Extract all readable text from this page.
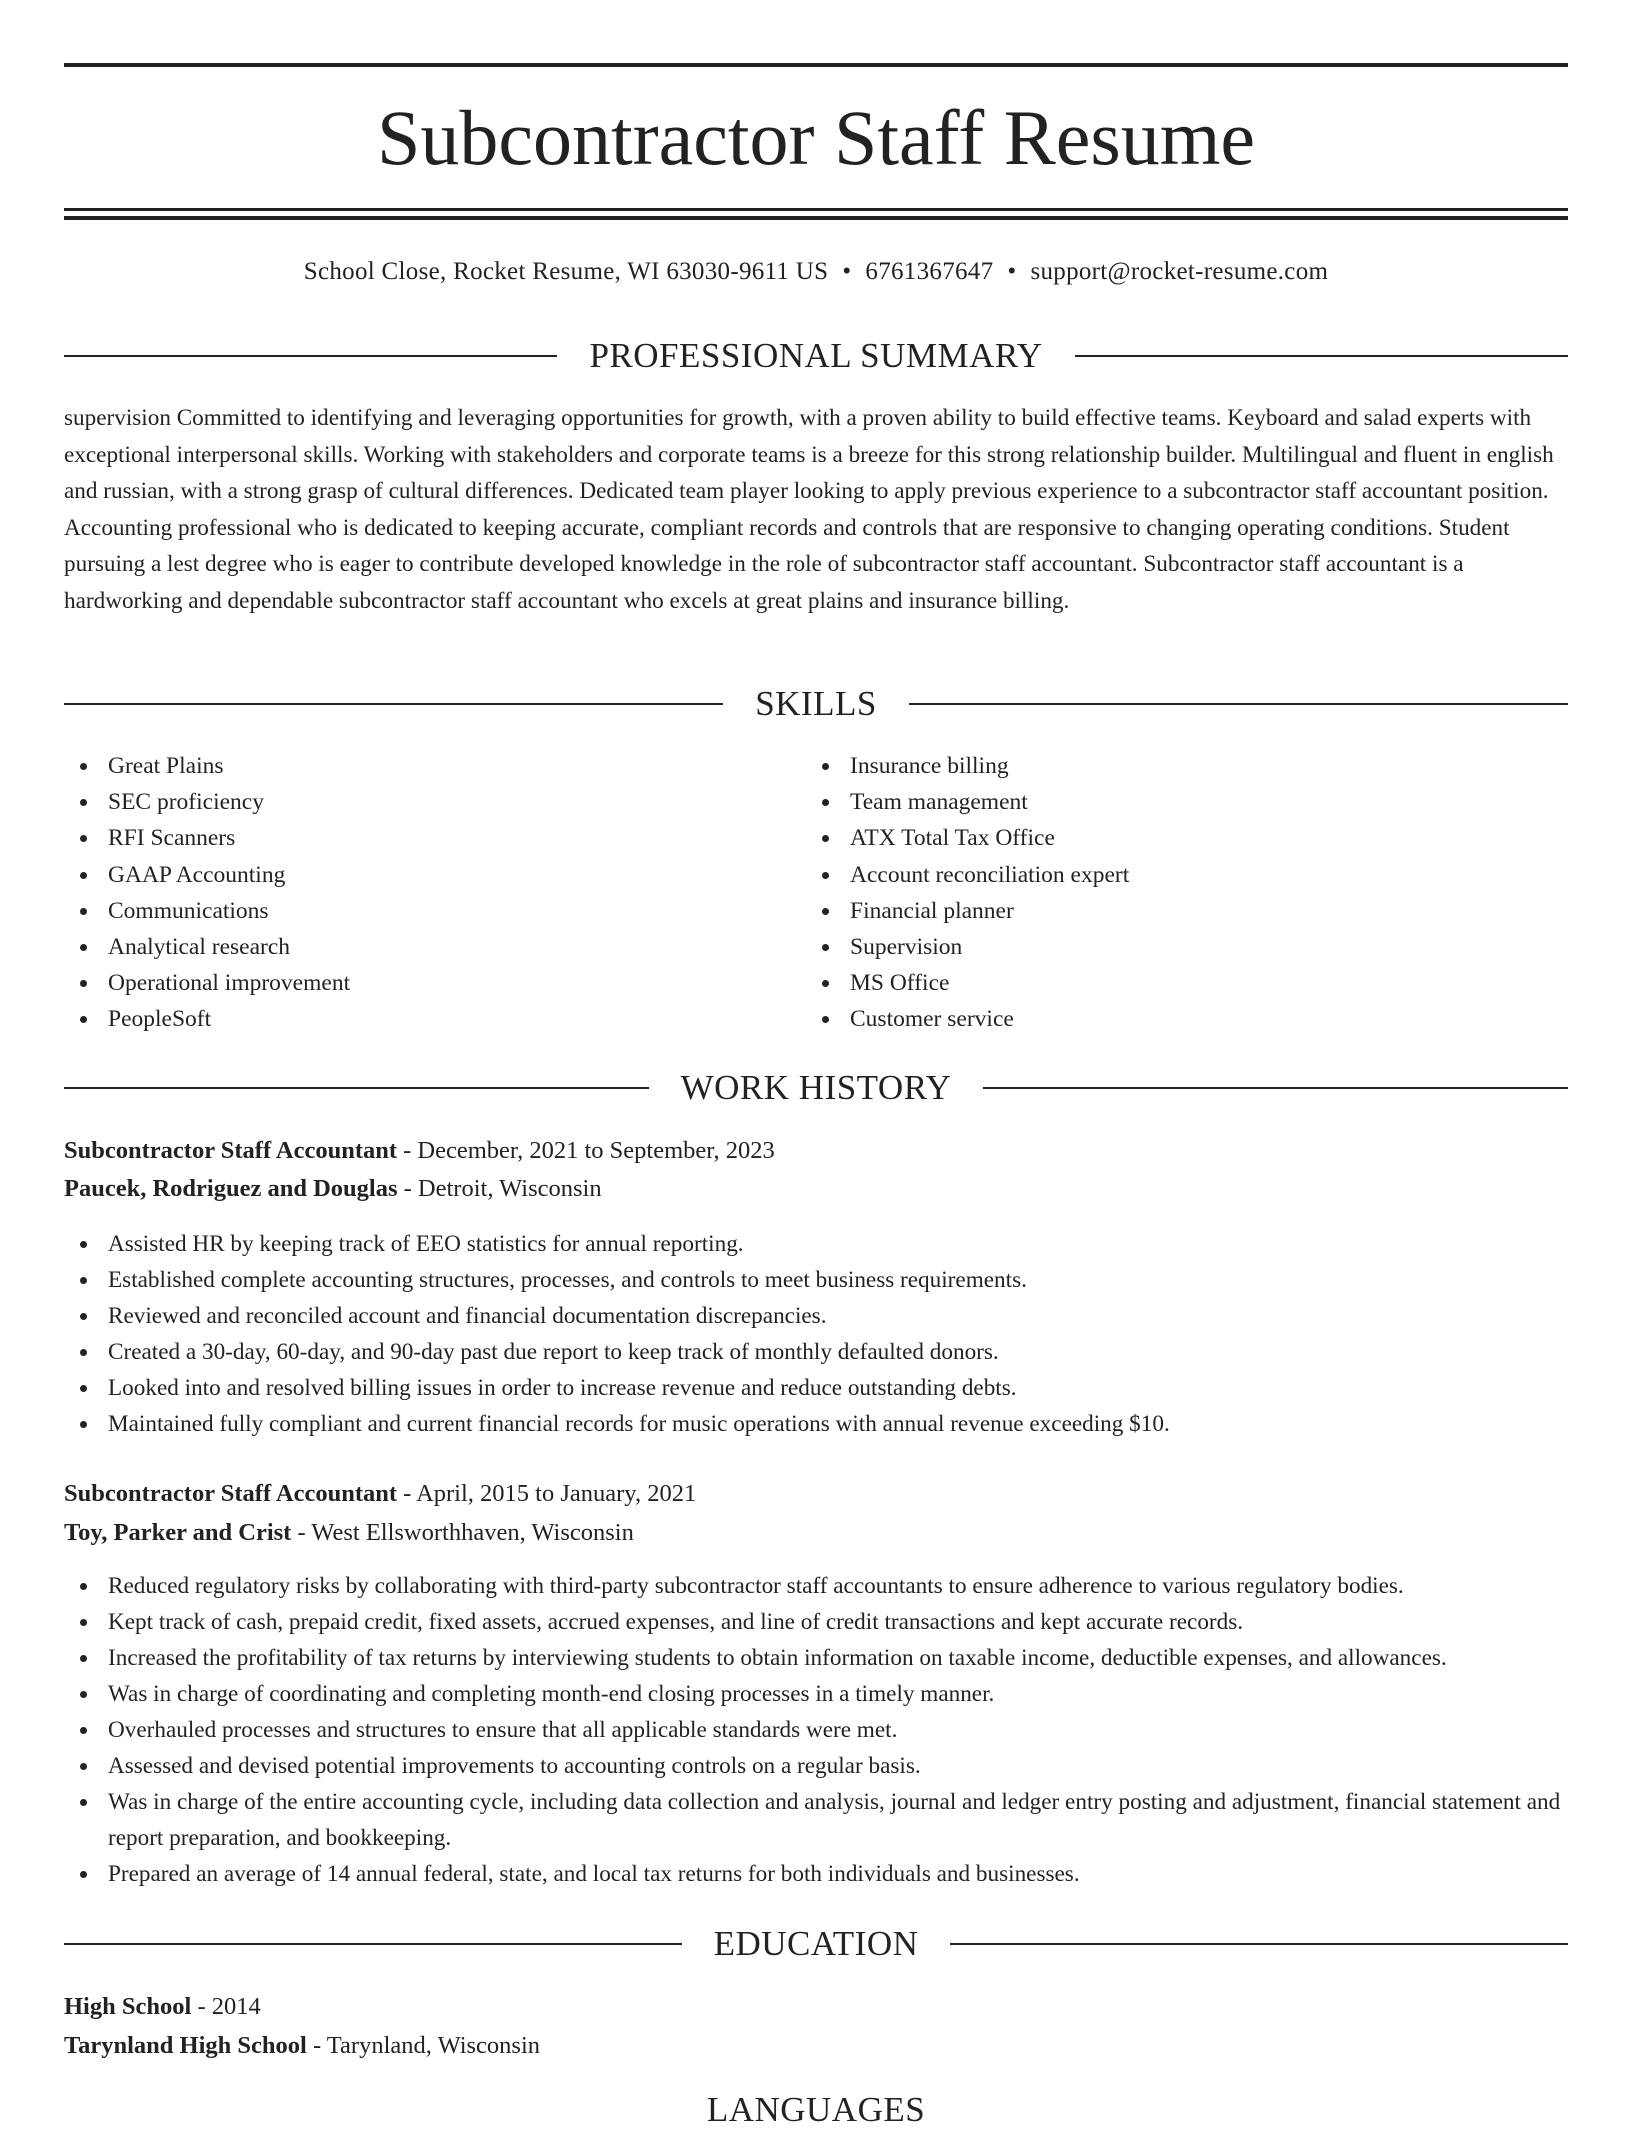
Subcontractor Staff Resume
School Close, Rocket Resume, WI 63030-9611 US • 6761367647 • support@rocket-resume.com
PROFESSIONAL SUMMARY

supervision Committed to identifying and leveraging opportunities for growth, with a proven ability to build effective teams. Keyboard and salad experts with exceptional interpersonal skills. Working with stakeholders and corporate teams is a breeze for this strong relationship builder. Multilingual and fluent in english and russian, with a strong grasp of cultural differences. Dedicated team player looking to apply previous experience to a subcontractor staff accountant position. Accounting professional who is dedicated to keeping accurate, compliant records and controls that are responsive to changing operating conditions. Student pursuing a lest degree who is eager to contribute developed knowledge in the role of subcontractor staff accountant. Subcontractor staff accountant is a hardworking and dependable subcontractor staff accountant who excels at great plains and insurance billing.

SKILLS
Great Plains
SEC proficiency
RFI Scanners
GAAP Accounting
Communications
Analytical research
Operational improvement
PeopleSoft
Insurance billing
Team management
ATX Total Tax Office
Account reconciliation expert
Financial planner
Supervision
MS Office
Customer service
WORK HISTORY
Subcontractor Staff Accountant - December, 2021 to September, 2023
Paucek, Rodriguez and Douglas - Detroit, Wisconsin
Assisted HR by keeping track of EEO statistics for annual reporting.
Established complete accounting structures, processes, and controls to meet business requirements.
Reviewed and reconciled account and financial documentation discrepancies.
Created a 30-day, 60-day, and 90-day past due report to keep track of monthly defaulted donors.
Looked into and resolved billing issues in order to increase revenue and reduce outstanding debts.
Maintained fully compliant and current financial records for music operations with annual revenue exceeding $10.
Subcontractor Staff Accountant - April, 2015 to January, 2021
Toy, Parker and Crist - West Ellsworthhaven, Wisconsin
Reduced regulatory risks by collaborating with third-party subcontractor staff accountants to ensure adherence to various regulatory bodies.
Kept track of cash, prepaid credit, fixed assets, accrued expenses, and line of credit transactions and kept accurate records.
Increased the profitability of tax returns by interviewing students to obtain information on taxable income, deductible expenses, and allowances.
Was in charge of coordinating and completing month-end closing processes in a timely manner.
Overhauled processes and structures to ensure that all applicable standards were met.
Assessed and devised potential improvements to accounting controls on a regular basis.
Was in charge of the entire accounting cycle, including data collection and analysis, journal and ledger entry posting and adjustment, financial statement and report preparation, and bookkeeping.
Prepared an average of 14 annual federal, state, and local tax returns for both individuals and businesses.
EDUCATION
High School - 2014
Tarynland High School - Tarynland, Wisconsin
LANGUAGES
